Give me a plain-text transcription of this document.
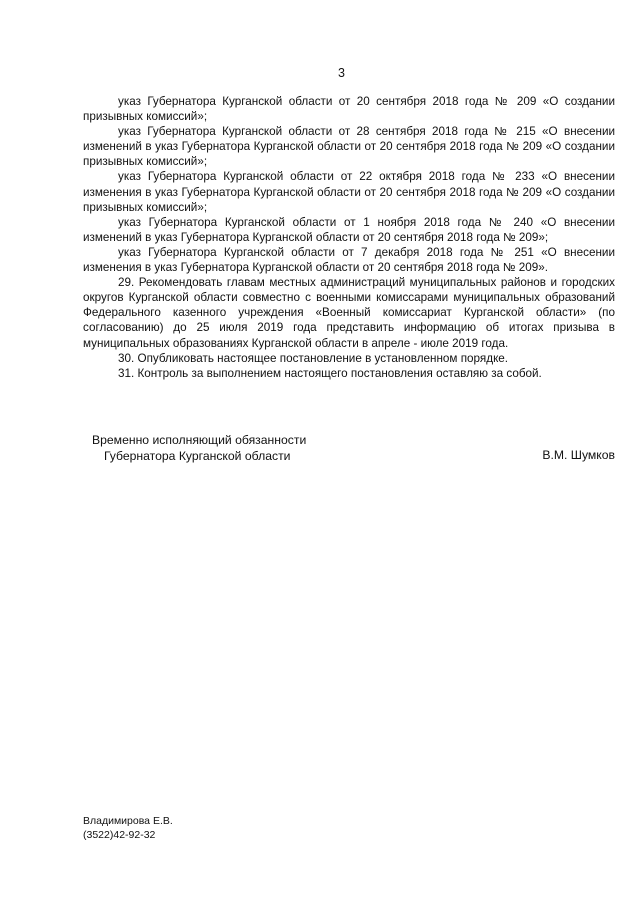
3

указ Губернатора Курганской области от 20 сентября 2018 года № 209 «О создании призывных комиссий»;

указ Губернатора Курганской области от 28 сентября 2018 года № 215 «О внесении изменений в указ Губернатора Курганской области от 20 сентября 2018 года № 209 «О создании призывных комиссий»;

указ Губернатора Курганской области от 22 октября 2018 года № 233 «О внесении изменения в указ Губернатора Курганской области от 20 сентября 2018 года № 209 «О создании призывных комиссий»;

указ Губернатора Курганской области от 1 ноября 2018 года № 240 «О внесении изменений в указ Губернатора Курганской области от 20 сентября 2018 года № 209»;

указ Губернатора Курганской области от 7 декабря 2018 года № 251 «О внесении изменения в указ Губернатора Курганской области от 20 сентября 2018 года № 209».

29. Рекомендовать главам местных администраций муниципальных районов и городских округов Курганской области совместно с военными комиссарами муниципальных образований Федерального казенного учреждения «Военный комиссариат Курганской области» (по согласованию) до 25 июля 2019 года представить информацию об итогах призыва в муниципальных образованиях Курганской области в апреле - июле 2019 года.

30. Опубликовать настоящее постановление в установленном порядке.

31. Контроль за выполнением настоящего постановления оставляю за собой.

Временно исполняющий обязанности
Губернатора Курганской области	В.М. Шумков
Владимирова Е.В.
(3522)42-92-32
